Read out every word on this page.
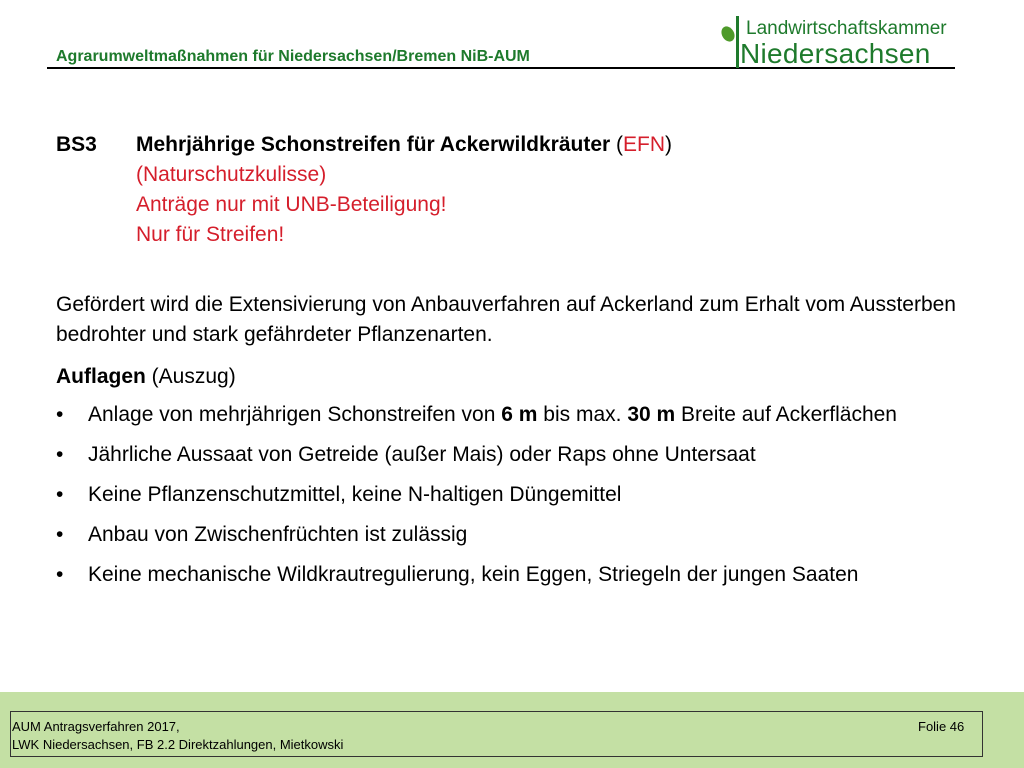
Agrarumweltmaßnahmen für Niedersachsen/Bremen NiB-AUM
Landwirtschaftskammer
Niedersachsen
BS3	Mehrjährige Schonstreifen für Ackerwildkräuter (EFN)
(Naturschutzkulisse)
Anträge nur mit UNB-Beteiligung!
Nur für Streifen!

Gefördert wird die Extensivierung von Anbauverfahren auf Ackerland zum Erhalt vom Aussterben bedrohter und stark gefährdeter Pflanzenarten.

Auflagen (Auszug)
• Anlage von mehrjährigen Schonstreifen von 6 m bis max. 30 m Breite auf Ackerflächen
• Jährliche Aussaat von Getreide (außer Mais) oder Raps ohne Untersaat
• Keine Pflanzenschutzmittel, keine N-haltigen Düngemittel
• Anbau von Zwischenfrüchten ist zulässig
• Keine mechanische Wildkrautregulierung, kein Eggen, Striegeln der jungen Saaten
AUM Antragsverfahren 2017,
LWK Niedersachsen, FB 2.2 Direktzahlungen, Mietkowski
Folie 46
